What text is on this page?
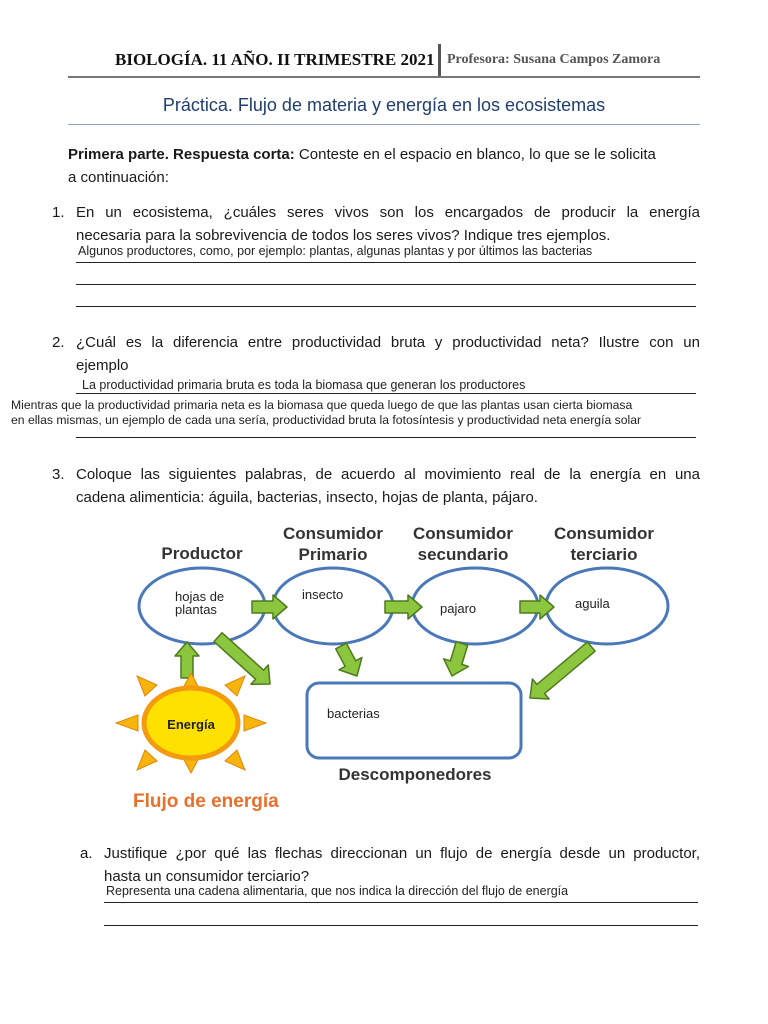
BIOLOGÍA. 11 AÑO. II TRIMESTRE 2021 Profesora: Susana Campos Zamora
Práctica. Flujo de materia y energía en los ecosistemas
Primera parte. Respuesta corta: Conteste en el espacio en blanco, lo que se le solicita
a continuación:
1. En un ecosistema, ¿cuáles seres vivos son los encargados de producir la energía
necesaria para la sobrevivencia de todos los seres vivos? Indique tres ejemplos.
Algunos productores, como, por ejemplo: plantas, algunas plantas y por últimos las bacterias
2. ¿Cuál es la diferencia entre productividad bruta y productividad neta? Ilustre con un
ejemplo
La productividad primaria bruta es toda la biomasa que generan los productores
Mientras que la productividad primaria neta es la biomasa que queda luego de que las plantas usan cierta biomasa
en ellas mismas, un ejemplo de cada una sería, productividad bruta la fotosíntesis y productividad neta energía solar
3. Coloque las siguientes palabras, de acuerdo al movimiento real de la energía en una
cadena alimenticia: águila, bacterias, insecto, hojas de planta, pájaro.
Productor
Consumidor
Primario
Consumidor
secundario
Consumidor
terciario
Descomponedores
hojas de
plantas
insecto
pajaro	aguila
bacterias
Energía
Flujo de energía
a. Justifique ¿por qué las flechas direccionan un flujo de energía desde un productor,
hasta un consumidor terciario?
Representa una cadena alimentaria, que nos indica la dirección del flujo de energía
